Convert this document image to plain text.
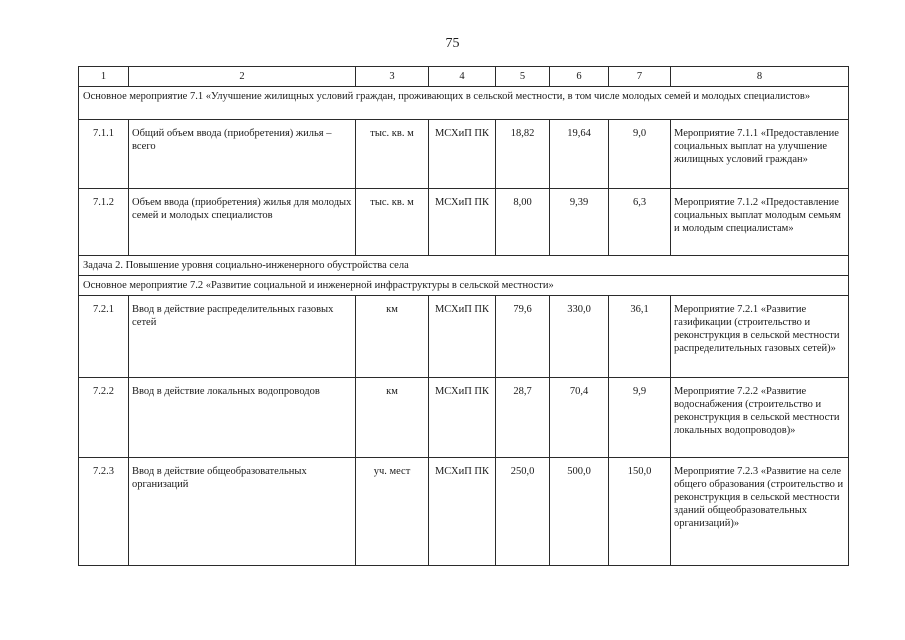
75
1	2	3	4	5	6	7	8
Основное мероприятие 7.1 «Улучшение жилищных условий граждан, проживающих в сельской местности, в том числе молодых семей и молодых специалистов»							
7.1.1	Общий объем ввода (приобретения) жилья – всего	тыс. кв. м	МСХиП ПК	18,82	19,64	9,0	Мероприятие 7.1.1 «Предоставление социальных выплат на улучшение жилищных условий граждан»
7.1.2	Объем ввода (приобретения) жилья для молодых семей и молодых специалистов	тыс. кв. м	МСХиП ПК	8,00	9,39	6,3	Мероприятие 7.1.2 «Предоставление социальных выплат молодым семьям и молодым специалистам»
Задача 2. Повышение уровня социально-инженерного обустройства села							
Основное мероприятие 7.2 «Развитие социальной и инженерной инфраструктуры в сельской местности»							
7.2.1	Ввод в действие распределительных газовых сетей	км	МСХиП ПК	79,6	330,0	36,1	Мероприятие 7.2.1 «Развитие газификации (строительство и реконструкция в сельской местности распределительных газовых сетей)»
7.2.2	Ввод в действие локальных водопроводов	км	МСХиП ПК	28,7	70,4	9,9	Мероприятие 7.2.2 «Развитие водоснабжения (строительство и реконструкция в сельской местности локальных водопроводов)»
7.2.3	Ввод в действие общеобразовательных организаций	уч. мест	МСХиП ПК	250,0	500,0	150,0	Мероприятие 7.2.3 «Развитие на селе общего образования (строительство и реконструкция в сельской местности зданий общеобразовательных организаций)»
